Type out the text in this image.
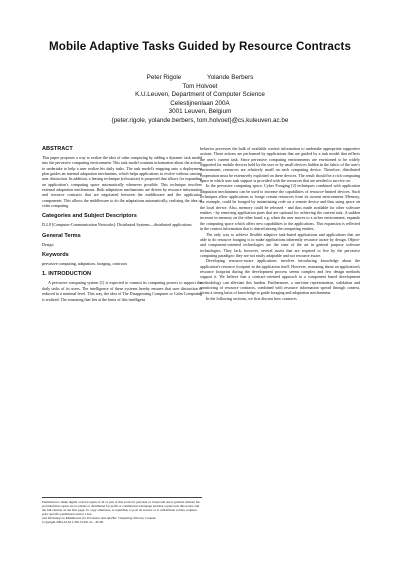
Mobile Adaptive Tasks Guided by Resource Contracts
Peter Rigole	Yolande Berbers
Tom Holvoet
K.U.Leuven, Department of Computer Science
Celestijnenlaan 200A
3001 Leuven, Belgium
{peter.rigole, yolande.berbers, tom.holvoet}@cs.kuleuven.ac.be
ABSTRACT

This paper proposes a way to realize the idea of calm computing by adding a dynamic task model into the pervasive computing environment. This task model contains information about the actions to undertake to help a user realize his daily tasks. The task model's mapping onto a deployment plan guides an internal adaptation mechanism, which helps applications to evolve without causing user distraction. In addition, a leasing technique (relocation) is proposed that allows for expanding an application's computing space automatically whenever possible. This technique involves external adaptation mechanisms. Both adaptation mechanisms are driven by resource information and resource contracts that are negotiated between the middleware and the application components. This allows the middleware to do the adaptations automatically, realizing the idea of calm computing.

Categories and Subject Descriptors

D.2.8 [Computer-Communication Networks]: Distributed Systems—distributed applications

General Terms

Design

Keywords

pervasive computing, adaptation, foraging, contracts

1. INTRODUCTION

A pervasive computing system [1] is expected to commit its computing powers to support the daily tasks of its users. The intelligence of these systems hereby ensures that user distraction is reduced to a minimal level. This way, the idea of The Disappearing Computer or Calm Computing is realized. The reasoning that lies at the basis of this intelligent

Permission to make digital or hard copies of all or part of this work for personal or classroom use is granted without fee provided that copies are not made or distributed for profit or commercial advantage and that copies bear this notice and the full citation on the first page. To copy otherwise, to republish, to post on servers or to redistribute to lists, requires prior specific permission and/or a fee.

2nd Workshop on Middleware for Pervasive and Ad-Hoc Computing Toronto, Canada

Copyright 2004 ACM 1-58113-951-9/... $5.00.

behavior processes the bulk of available context information to undertake appropriate supportive actions. These actions are performed by applications that are guided by a task model that reflects the user's current task. Since pervasive computing environments are envisioned to be widely supported for mobile devices held by the user or by small devices hidden in the fabric of the user's environment, resources are relatively small on each computing device. Therefore, distributed cooperation must be extensively exploited on these devices. The result should be a rich computing space in which user task support is provided with the resources that are needed to survive on.

In the pervasive computing space, Cyber Foraging [2] techniques combined with application adaptation mechanisms can be used to increase the capabilities of resource-limited devices. Such techniques allow applications to forage certain resources from its current environment. Memory, for example, could be foraged by instantiating code on a remote device and thus using space on the local device. Also, memory could be released - and thus made available for other software entities - by removing application parts that are optional for achieving the current task. A sudden increase in memory on the other hand, e.g. when the user moves to a richer environment, expands the computing space which offers new capabilities to the applications. This expansion is reflected in the context information that is shared among the computing entities.

The only way to achieve flexible adaptive task-based applications and applications that are able to do resource foraging is to make applications inherently resource aware by design. Object- and component-oriented technologies are the state of the art in general purpose software technologies. They lack, however, several assets that are required to live by the pervasive computing paradigm: they are not easily adaptable and not resource aware.

Developing resource-aware applications involves introducing knowledge about the application's resource footprint in the application itself. However, reasoning about an application's resource footprint during the development process seems complex and few design methods support it. We believe that a contract-oriented approach to a component based development methodology can alleviate this burden. Furthermore, a run-time representation, validation and monitoring of resource contracts, combined with resource information spread through context, forms a strong basis of knowledge to guide foraging and adaptation mechanisms.

In the following sections, we first discuss how contracts
